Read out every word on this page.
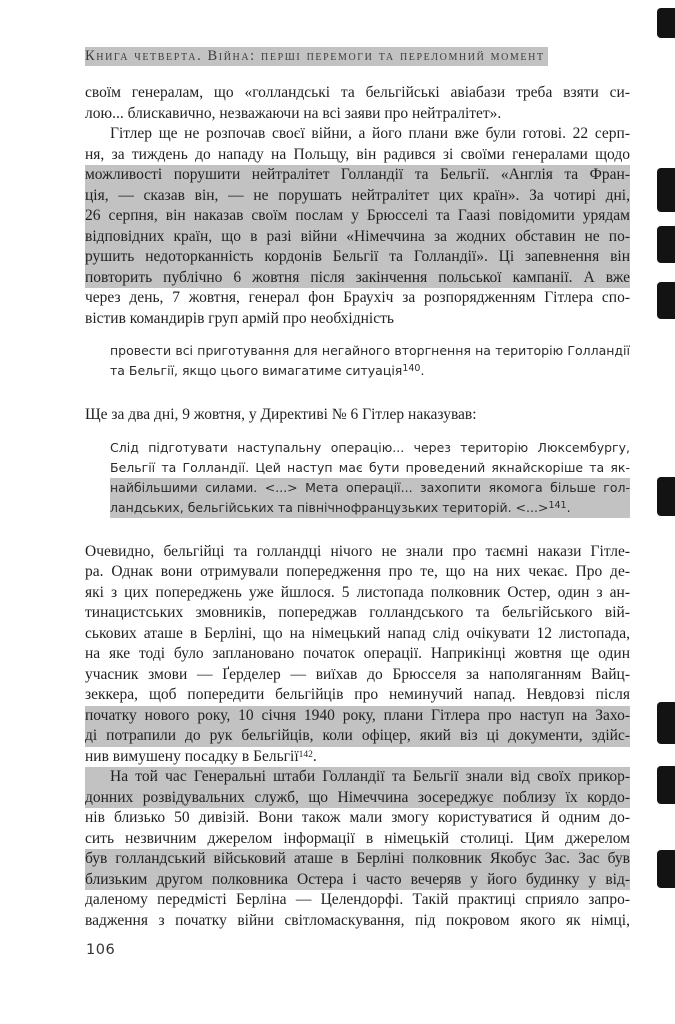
Книга четверта. Війна: перші перемоги та переломний момент
своїм генералам, що «голландські та бельгійські авіабази треба взяти си-
лою... блискавично, незважаючи на всі заяви про нейтралітет».
Гітлер ще не розпочав своєї війни, а його плани вже були готові. 22 серп-
ня, за тиждень до нападу на Польщу, він радився зі своїми генералами щодо
можливості порушити нейтралітет Голландії та Бельгії. «Англія та Фран-
ція, — сказав він, — не порушать нейтралітет цих країн». За чотирі дні,
26 серпня, він наказав своїм послам у Брюсселі та Гаазі повідомити урядам
відповідних країн, що в разі війни «Німеччина за жодних обставин не по-
рушить недоторканність кордонів Бельгії та Голландії». Ці запевнення він
повторить публічно 6 жовтня після закінчення польської кампанії. А вже
через день, 7 жовтня, генерал фон Браухіч за розпорядженням Гітлера спо-
вістив командирів груп армій про необхідність
провести всі приготування для негайного вторгнення на територію Голландії
та Бельгії, якщо цього вимагатиме ситуація$^{140}$.
Ще за два дні, 9 жовтня, у Директиві № 6 Гітлер наказував:
Слід підготувати наступальну операцію... через територію Люксембургу,
Бельгії та Голландії. Цей наступ має бути проведений якнайскоріше та як-
найбільшими силами. <...> Мета операції... захопити якомога більше гол-
ландських, бельгійських та північнофранцузьких територій. <...>$^{141}$.
Очевидно, бельгійці та голландці нічого не знали про таємні накази Гітле-
ра. Однак вони отримували попередження про те, що на них чекає. Про де-
які з цих попереджень уже йшлося. 5 листопада полковник Остер, один з ан-
тинацистських змовників, попереджав голландського та бельгійського вій-
ськових аташе в Берліні, що на німецький напад слід очікувати 12 листопада,
на яке тоді було заплановано початок операції. Наприкінці жовтня ще один
учасник змови — Ґерделер — виїхав до Брюсселя за наполяганням Вайц-
зеккера, щоб попередити бельгійців про неминучий напад. Невдовзі після
початку нового року, 10 січня 1940 року, плани Гітлера про наступ на Захо-
ді потрапили до рук бельгійців, коли офіцер, який віз ці документи, здійс-
нив вимушену посадку в Бельгії$^{142}$.
На той час Генеральні штаби Голландії та Бельгії знали від своїх прикор-
донних розвідувальних служб, що Німеччина зосереджує поблизу їх кордо-
нів близько 50 дивізій. Вони також мали змогу користуватися й одним до-
сить незвичним джерелом інформації в німецькій столиці. Цим джерелом
був голландський військовий аташе в Берліні полковник Якобус Зас. Зас був
близьким другом полковника Остера і часто вечеряв у його будинку у від-
даленому передмісті Берліна — Целендорфі. Такій практиці сприяло запро-
вадження з початку війни світломаскування, під покровом якого як німці,
106
